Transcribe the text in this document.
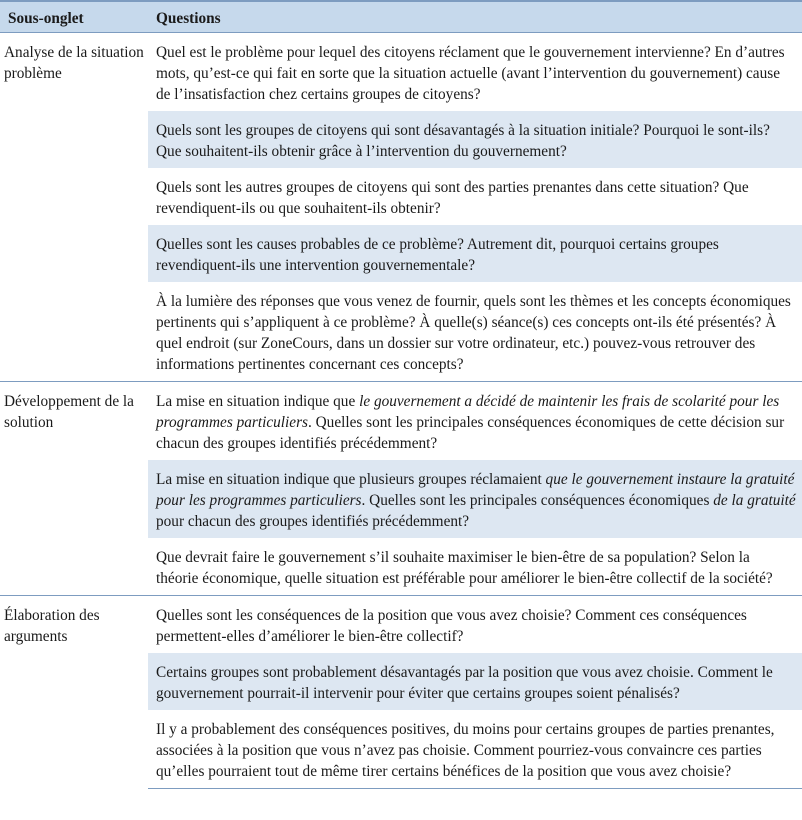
Sous-onglet	Questions
Analyse de la situation problème	Quel est le problème pour lequel des citoyens réclament que le gouvernement intervienne? En d’autres mots, qu’est-ce qui fait en sorte que la situation actuelle (avant l’intervention du gouvernement) cause de l’insatisfaction chez certains groupes de citoyens?
	Quels sont les groupes de citoyens qui sont désavantagés à la situation initiale? Pourquoi le sont-ils? Que souhaitent-ils obtenir grâce à l’intervention du gouvernement?
	Quels sont les autres groupes de citoyens qui sont des parties prenantes dans cette situation? Que revendiquent-ils ou que souhaitent-ils obtenir?
	Quelles sont les causes probables de ce problème? Autrement dit, pourquoi certains groupes revendiquent-ils une intervention gouvernementale?
	À la lumière des réponses que vous venez de fournir, quels sont les thèmes et les concepts économiques pertinents qui s’appliquent à ce problème? À quelle(s) séance(s) ces concepts ont-ils été présentés? À quel endroit (sur ZoneCours, dans un dossier sur votre ordinateur, etc.) pouvez-vous retrouver des informations pertinentes concernant ces concepts?
Développement de la solution	La mise en situation indique que le gouvernement a décidé de maintenir les frais de scolarité pour les programmes particuliers. Quelles sont les principales conséquences économiques de cette décision sur chacun des groupes identifiés précédemment?
	La mise en situation indique que plusieurs groupes réclamaient que le gouvernement instaure la gratuité pour les programmes particuliers. Quelles sont les principales conséquences économiques de la gratuité pour chacun des groupes identifiés précédemment?
	Que devrait faire le gouvernement s’il souhaite maximiser le bien-être de sa population? Selon la théorie économique, quelle situation est préférable pour améliorer le bien-être collectif de la société?
Élaboration des arguments	Quelles sont les conséquences de la position que vous avez choisie? Comment ces conséquences permettent-elles d’améliorer le bien-être collectif?
	Certains groupes sont probablement désavantagés par la position que vous avez choisie. Comment le gouvernement pourrait-il intervenir pour éviter que certains groupes soient pénalisés?
	Il y a probablement des conséquences positives, du moins pour certains groupes de parties prenantes, associées à la position que vous n’avez pas choisie. Comment pourriez-vous convaincre ces parties qu’elles pourraient tout de même tirer certains bénéfices de la position que vous avez choisie?
